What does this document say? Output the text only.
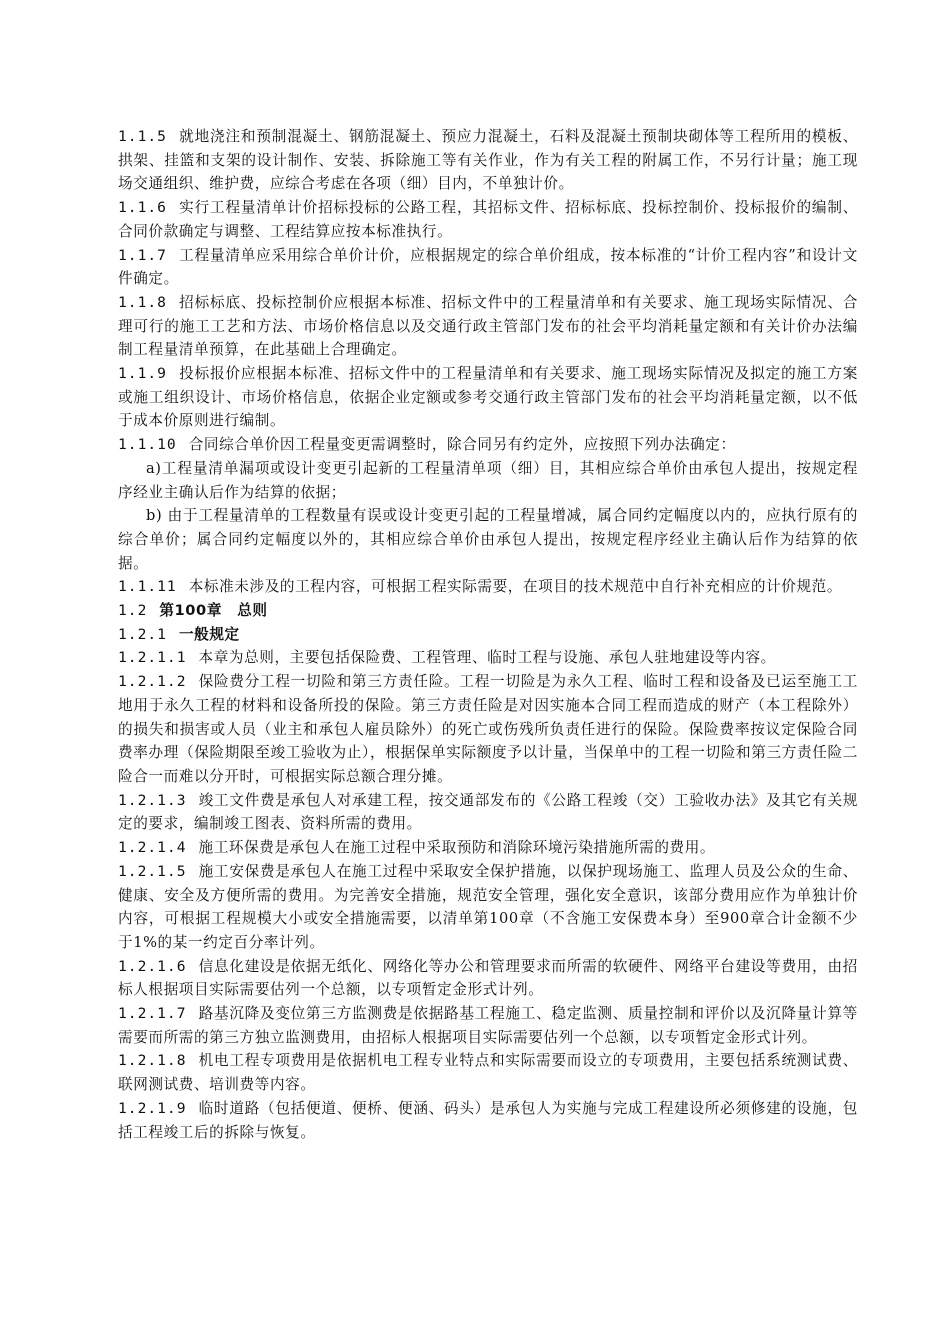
1.1.5 就地浇注和预制混凝土、钢筋混凝土、预应力混凝土，石料及混凝土预制块砌体等工程所用的模板、拱架、挂篮和支架的设计制作、安装、拆除施工等有关作业，作为有关工程的附属工作，不另行计量；施工现场交通组织、维护费，应综合考虑在各项（细）目内，不单独计价。

1.1.6 实行工程量清单计价招标投标的公路工程，其招标文件、招标标底、投标控制价、投标报价的编制、合同价款确定与调整、工程结算应按本标准执行。

1.1.7 工程量清单应采用综合单价计价，应根据规定的综合单价组成，按本标准的“计价工程内容”和设计文件确定。

1.1.8 招标标底、投标控制价应根据本标准、招标文件中的工程量清单和有关要求、施工现场实际情况、合理可行的施工工艺和方法、市场价格信息以及交通行政主管部门发布的社会平均消耗量定额和有关计价办法编制工程量清单预算，在此基础上合理确定。

1.1.9 投标报价应根据本标准、招标文件中的工程量清单和有关要求、施工现场实际情况及拟定的施工方案或施工组织设计、市场价格信息，依据企业定额或参考交通行政主管部门发布的社会平均消耗量定额，以不低于成本价原则进行编制。

1.1.10 合同综合单价因工程量变更需调整时，除合同另有约定外，应按照下列办法确定：

a)工程量清单漏项或设计变更引起新的工程量清单项（细）目，其相应综合单价由承包人提出，按规定程序经业主确认后作为结算的依据；

b) 由于工程量清单的工程数量有误或设计变更引起的工程量增减，属合同约定幅度以内的，应执行原有的综合单价；属合同约定幅度以外的，其相应综合单价由承包人提出，按规定程序经业主确认后作为结算的依据。

1.1.11 本标准未涉及的工程内容，可根据工程实际需要，在项目的技术规范中自行补充相应的计价规范。

1.2 第100章　总则

1.2.1 一般规定

1.2.1.1 本章为总则，主要包括保险费、工程管理、临时工程与设施、承包人驻地建设等内容。

1.2.1.2 保险费分工程一切险和第三方责任险。工程一切险是为永久工程、临时工程和设备及已运至施工工地用于永久工程的材料和设备所投的保险。第三方责任险是对因实施本合同工程而造成的财产（本工程除外）的损失和损害或人员（业主和承包人雇员除外）的死亡或伤残所负责任进行的保险。保险费率按议定保险合同费率办理（保险期限至竣工验收为止），根据保单实际额度予以计量，当保单中的工程一切险和第三方责任险二险合一而难以分开时，可根据实际总额合理分摊。

1.2.1.3 竣工文件费是承包人对承建工程，按交通部发布的《公路工程竣（交）工验收办法》及其它有关规 定的要求，编制竣工图表、资料所需的费用。

1.2.1.4 施工环保费是承包人在施工过程中采取预防和消除环境污染措施所需的费用。

1.2.1.5 施工安保费是承包人在施工过程中采取安全保护措施，以保护现场施工、监理人员及公众的生命、健康、安全及方便所需的费用。为完善安全措施，规范安全管理，强化安全意识，该部分费用应作为单独计价内容，可根据工程规模大小或安全措施需要，以清单第100章（不含施工安保费本身）至900章合计金额不少于1%的某一约定百分率计列。

1.2.1.6 信息化建设是依据无纸化、网络化等办公和管理要求而所需的软硬件、网络平台建设等费用，由招标人根据项目实际需要估列一个总额，以专项暂定金形式计列。

1.2.1.7 路基沉降及变位第三方监测费是依据路基工程施工、稳定监测、质量控制和评价以及沉降量计算等需要而所需的第三方独立监测费用，由招标人根据项目实际需要估列一个总额，以专项暂定金形式计列。

1.2.1.8 机电工程专项费用是依据机电工程专业特点和实际需要而设立的专项费用，主要包括系统测试费、联网测试费、培训费等内容。

1.2.1.9 临时道路（包括便道、便桥、便涵、码头）是承包人为实施与完成工程建设所必须修建的设施，包括工程竣工后的拆除与恢复。
